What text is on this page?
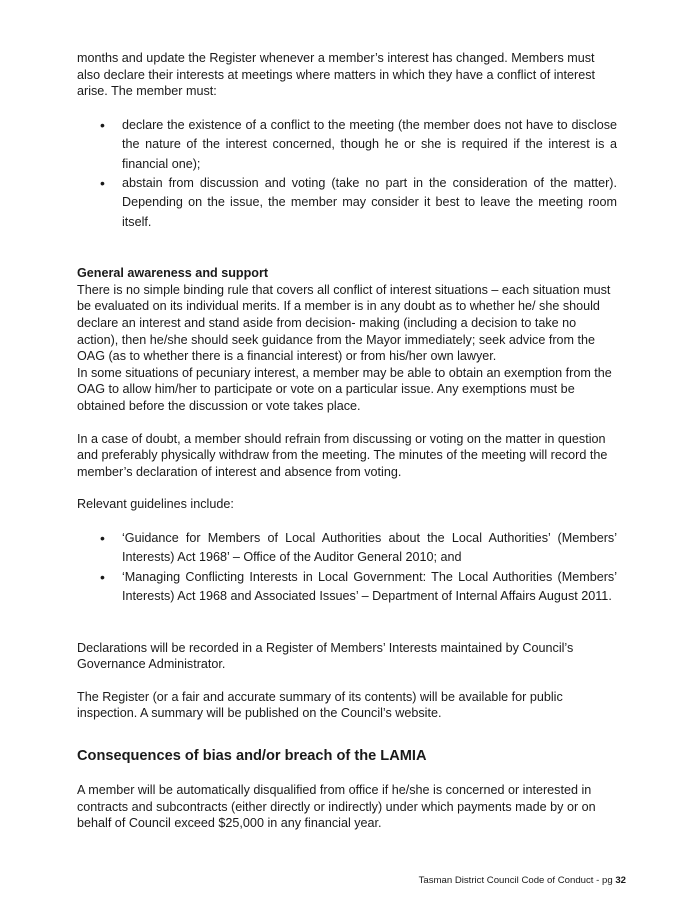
months and update the Register whenever a member’s interest has changed. Members must also declare their interests at meetings where matters in which they have a conflict of interest arise. The member must:

• declare the existence of a conflict to the meeting (the member does not have to disclose the nature of the interest concerned, though he or she is required if the interest is a financial one);
• abstain from discussion and voting (take no part in the consideration of the matter). Depending on the issue, the member may consider it best to leave the meeting room itself.

General awareness and support

There is no simple binding rule that covers all conflict of interest situations – each situation must be evaluated on its individual merits. If a member is in any doubt as to whether he/ she should declare an interest and stand aside from decision- making (including a decision to take no action), then he/she should seek guidance from the Mayor immediately; seek advice from the OAG (as to whether there is a financial interest) or from his/her own lawyer.

In some situations of pecuniary interest, a member may be able to obtain an exemption from the OAG to allow him/her to participate or vote on a particular issue. Any exemptions must be obtained before the discussion or vote takes place.

In a case of doubt, a member should refrain from discussing or voting on the matter in question and preferably physically withdraw from the meeting. The minutes of the meeting will record the member’s declaration of interest and absence from voting.

Relevant guidelines include:

• ‘Guidance for Members of Local Authorities about the Local Authorities’ (Members’ Interests) Act 1968’ – Office of the Auditor General 2010; and
• ‘Managing Conflicting Interests in Local Government: The Local Authorities (Members’ Interests) Act 1968 and Associated Issues’ – Department of Internal Affairs August 2011.

Declarations will be recorded in a Register of Members’ Interests maintained by Council’s Governance Administrator.

The Register (or a fair and accurate summary of its contents) will be available for public inspection. A summary will be published on the Council’s website.

Consequences of bias and/or breach of the LAMIA

A member will be automatically disqualified from office if he/she is concerned or interested in contracts and subcontracts (either directly or indirectly) under which payments made by or on behalf of Council exceed $25,000 in any financial year.

Tasman District Council Code of Conduct - pg 32
